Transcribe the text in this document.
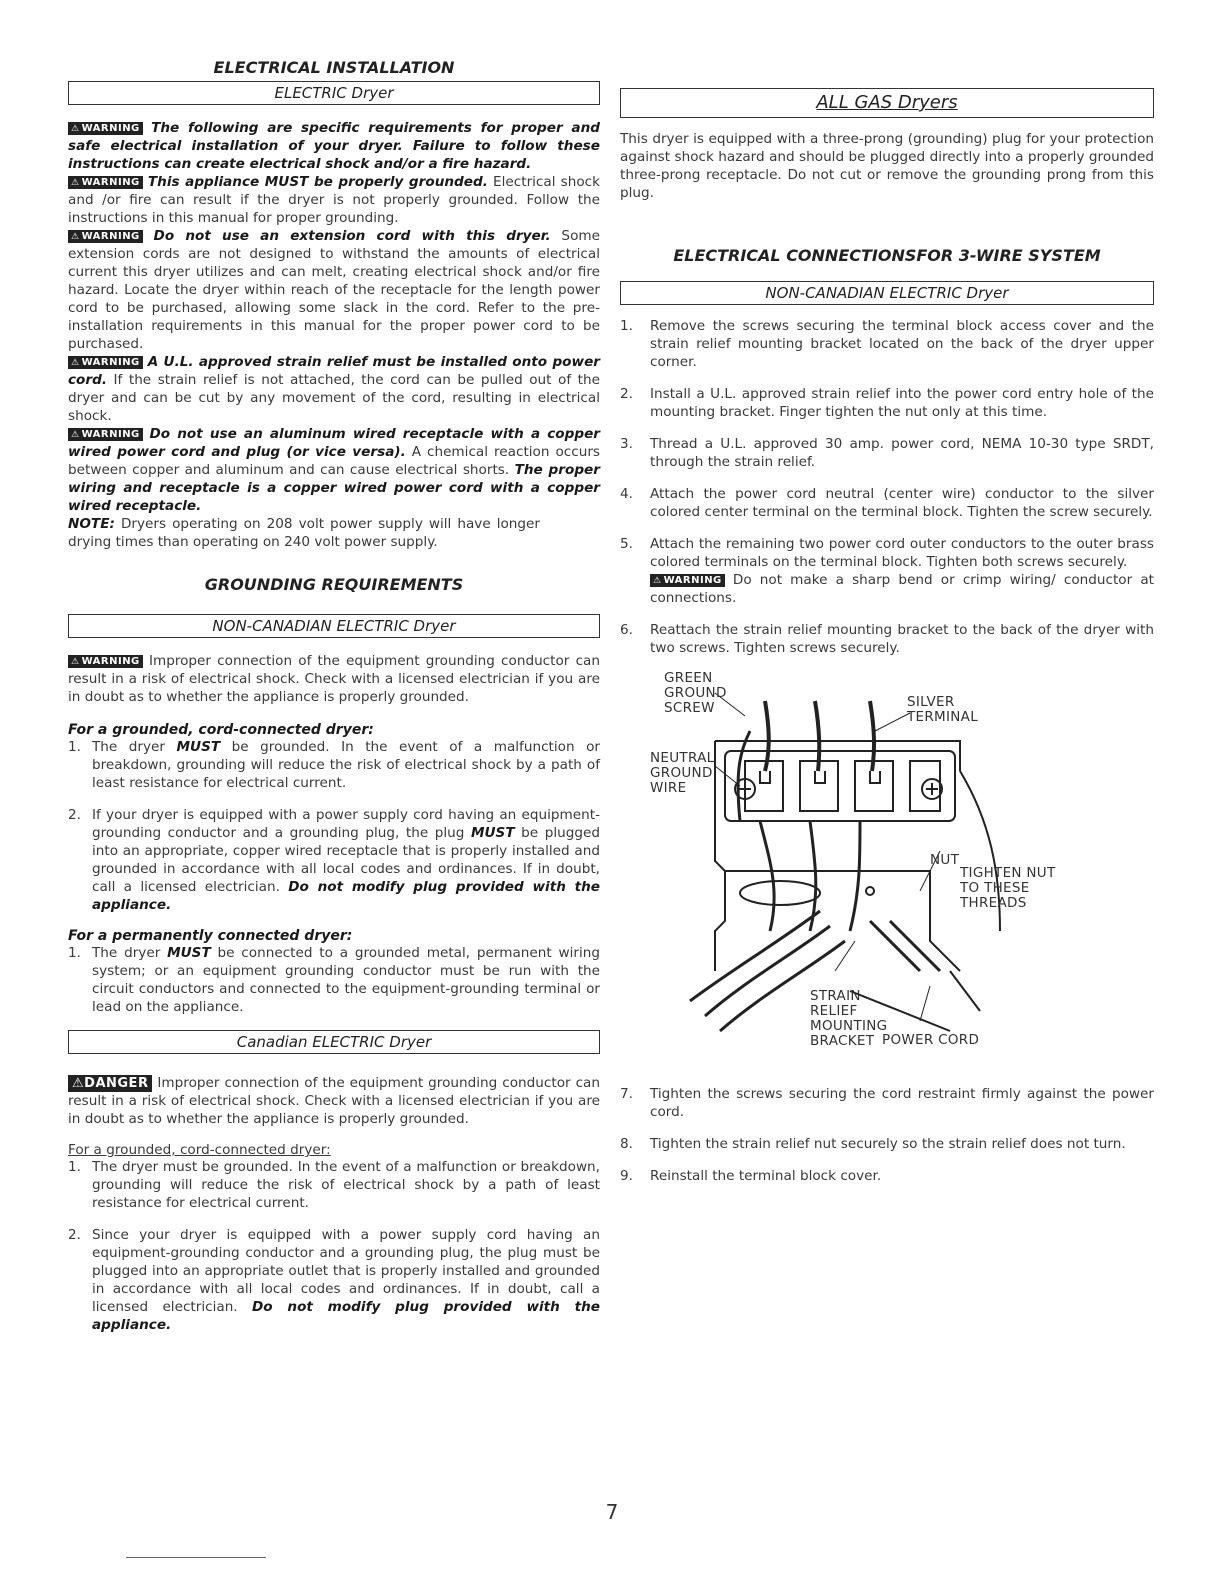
ELECTRICAL INSTALLATION
ELECTRIC Dryer

⚠ WARNING The following are specific requirements for proper and safe electrical installation of your dryer. Failure to follow these instructions can create electrical shock and/or a fire hazard.

⚠ WARNING This appliance MUST be properly grounded. Electrical shock and /or fire can result if the dryer is not properly grounded. Follow the instructions in this manual for proper grounding.

⚠ WARNING Do not use an extension cord with this dryer. Some extension cords are not designed to withstand the amounts of electrical current this dryer utilizes and can melt, creating electrical shock and/or fire hazard. Locate the dryer within reach of the receptacle for the length power cord to be purchased, allowing some slack in the cord. Refer to the pre-installation requirements in this manual for the proper power cord to be purchased.

⚠ WARNING A U.L. approved strain relief must be installed onto power cord. If the strain relief is not attached, the cord can be pulled out of the dryer and can be cut by any movement of the cord, resulting in electrical shock.

⚠ WARNING Do not use an aluminum wired receptacle with a copper wired power cord and plug (or vice versa). A chemical reaction occurs between copper and aluminum and can cause electrical shorts. The proper wiring and receptacle is a copper wired power cord with a copper wired receptacle.

NOTE: Dryers operating on 208 volt power supply will have longer drying times than operating on 240 volt power supply.

GROUNDING REQUIREMENTS
NON-CANADIAN ELECTRIC Dryer

⚠ WARNING Improper connection of the equipment grounding conductor can result in a risk of electrical shock. Check with a licensed electrician if you are in doubt as to whether the appliance is properly grounded.

For a grounded, cord-connected dryer:
1. The dryer MUST be grounded. In the event of a malfunction or breakdown, grounding will reduce the risk of electrical shock by a path of least resistance for electrical current.
2. If your dryer is equipped with a power supply cord having an equipment-grounding conductor and a grounding plug, the plug MUST be plugged into an appropriate, copper wired receptacle that is properly installed and grounded in accordance with all local codes and ordinances. If in doubt, call a licensed electrician. Do not modify plug provided with the appliance.
For a permanently connected dryer:
1. The dryer MUST be connected to a grounded metal, permanent wiring system; or an equipment grounding conductor must be run with the circuit conductors and connected to the equipment-grounding terminal or lead on the appliance.
Canadian ELECTRIC Dryer

⚠DANGER Improper connection of the equipment grounding conductor can result in a risk of electrical shock. Check with a licensed electrician if you are in doubt as to whether the appliance is properly grounded.

For a grounded, cord-connected dryer:
1. The dryer must be grounded. In the event of a malfunction or breakdown, grounding will reduce the risk of electrical shock by a path of least resistance for electrical current.
2. Since your dryer is equipped with a power supply cord having an equipment-grounding conductor and a grounding plug, the plug must be plugged into an appropriate outlet that is properly installed and grounded in accordance with all local codes and ordinances. If in doubt, call a licensed electrician. Do not modify plug provided with the appliance.
ALL GAS Dryers

This dryer is equipped with a three-prong (grounding) plug for your protection against shock hazard and should be plugged directly into a properly grounded three-prong receptacle. Do not cut or remove the grounding prong from this plug.

ELECTRICAL CONNECTIONSFOR 3-WIRE SYSTEM
NON-CANADIAN ELECTRIC Dryer
1. Remove the screws securing the terminal block access cover and the strain relief mounting bracket located on the back of the dryer upper corner.
2. Install a U.L. approved strain relief into the power cord entry hole of the mounting bracket. Finger tighten the nut only at this time.
3. Thread a U.L. approved 30 amp. power cord, NEMA 10-30 type SRDT, through the strain relief.
4. Attach the power cord neutral (center wire) conductor to the silver colored center terminal on the terminal block. Tighten the screw securely.
5. Attach the remaining two power cord outer conductors to the outer brass colored terminals on the terminal block. Tighten both screws securely.
⚠ WARNING Do not make a sharp bend or crimp wiring/ conductor at connections.
6. Reattach the strain relief mounting bracket to the back of the dryer with two screws. Tighten screws securely.
GREEN
GROUND
SCREW	SILVER
TERMINAL
NEUTRAL
GROUND
WIRE
NUT
TIGHTEN NUT
TO THESE
THREADS
STRAIN
RELIEF
MOUNTING
BRACKET POWER CORD
7. Tighten the screws securing the cord restraint firmly against the power cord.
8. Tighten the strain relief nut securely so the strain relief does not turn.
9. Reinstall the terminal block cover.
7
